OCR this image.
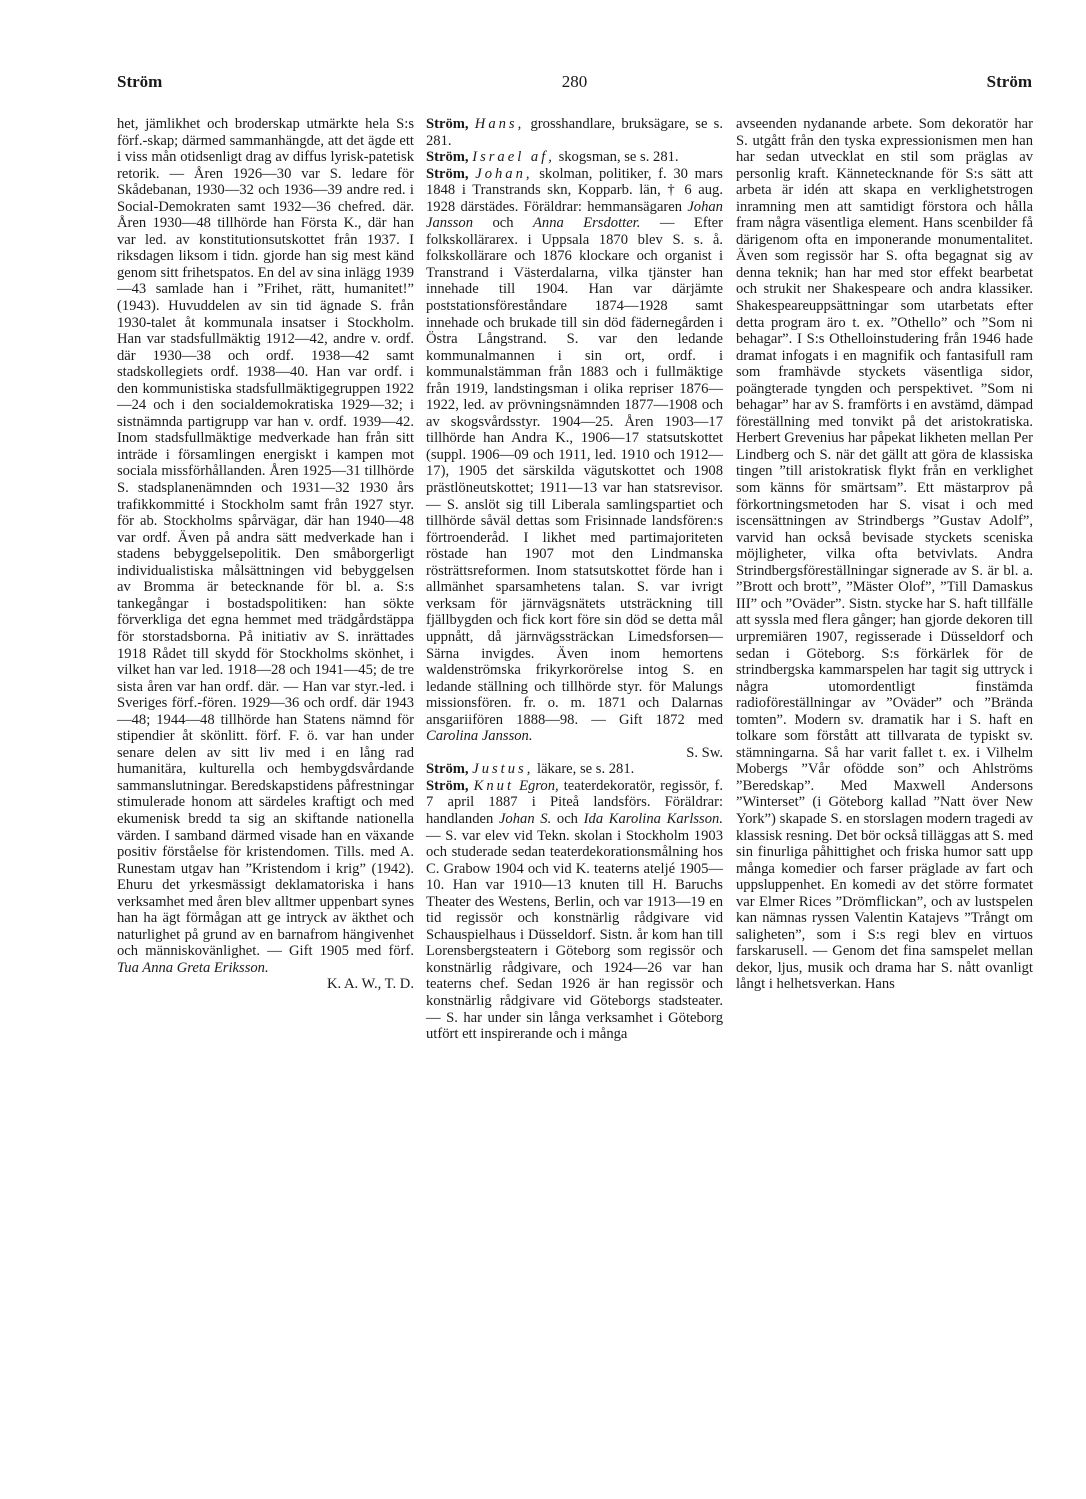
Ström	280	Ström

het, jämlikhet och broderskap utmärkte hela S:s förf.-skap; därmed sammanhängde, att det ägde ett i viss mån otidsenligt drag av diffus lyrisk-patetisk retorik. — Åren 1926—30 var S. ledare för Skådebanan, 1930—32 och 1936—39 andre red. i Social-Demokraten samt 1932—36 chefred. där. Åren 1930—48 tillhörde han Första K., där han var led. av konstitutionsutskottet från 1937. I riksdagen liksom i tidn. gjorde han sig mest känd genom sitt frihetspatos. En del av sina inlägg 1939—43 samlade han i ”Frihet, rätt, humanitet!” (1943). Huvuddelen av sin tid ägnade S. från 1930-talet åt kommunala insatser i Stockholm. Han var stadsfullmäktig 1912—42, andre v. ordf. där 1930—38 och ordf. 1938—42 samt stadskollegiets ordf. 1938—40. Han var ordf. i den kommunistiska stadsfullmäktigegruppen 1922—24 och i den socialdemokratiska 1929—32; i sistnämnda partigrupp var han v. ordf. 1939—42. Inom stadsfullmäktige medverkade han från sitt inträde i församlingen energiskt i kampen mot sociala missförhållanden. Åren 1925—31 tillhörde S. stadsplanenämnden och 1931—32 1930 års trafikkommitté i Stockholm samt från 1927 styr. för ab. Stockholms spårvägar, där han 1940—48 var ordf. Även på andra sätt medverkade han i stadens bebyggelsepolitik. Den småborgerligt individualistiska målsättningen vid bebyggelsen av Bromma är betecknande för bl. a. S:s tankegångar i bostadspolitiken: han sökte förverkliga det egna hemmet med trädgårdstäppa för storstadsborna. På initiativ av S. inrättades 1918 Rådet till skydd för Stockholms skönhet, i vilket han var led. 1918—28 och 1941—45; de tre sista åren var han ordf. där. — Han var styr.-led. i Sveriges förf.-fören. 1929—36 och ordf. där 1943—48; 1944—48 tillhörde han Statens nämnd för stipendier åt skönlitt. förf. F. ö. var han under senare delen av sitt liv med i en lång rad humanitära, kulturella och hembygdsvårdande sammanslutningar. Beredskapstidens påfrestningar stimulerade honom att särdeles kraftigt och med ekumenisk bredd ta sig an skiftande nationella värden. I samband därmed visade han en växande positiv förståelse för kristendomen. Tills. med A. Runestam utgav han ”Kristendom i krig” (1942). Ehuru det yrkesmässigt deklamatoriska i hans verksamhet med åren blev alltmer uppenbart synes han ha ägt förmågan att ge intryck av äkthet och naturlighet på grund av en barnafrom hängivenhet och människovänlighet. — Gift 1905 med förf. Tua Anna Greta Eriksson.

K. A. W., T. D.

Ström, Hans, grosshandlare, bruksägare, se s. 281.

Ström, Israel af, skogsman, se s. 281.

Ström, Johan, skolman, politiker, f. 30 mars 1848 i Transtrands skn, Kopparb. län, † 6 aug. 1928 därstädes. Föräldrar: hemmansägaren Johan Jansson och Anna Ersdotter. — Efter folkskollärarex. i Uppsala 1870 blev S. s. å. folkskollärare och 1876 klockare och organist i Transtrand i Västerdalarna, vilka tjänster han innehade till 1904. Han var därjämte poststationsföreståndare 1874—1928 samt innehade och brukade till sin död fädernegården i Östra Långstrand. S. var den ledande kommunalmannen i sin ort, ordf. i kommunalstämman från 1883 och i fullmäktige från 1919, landstingsman i olika repriser 1876—1922, led. av prövningsnämnden 1877—1908 och av skogsvårdsstyr. 1904—25. Åren 1903—17 tillhörde han Andra K., 1906—17 statsutskottet (suppl. 1906—09 och 1911, led. 1910 och 1912—17), 1905 det särskilda vägutskottet och 1908 prästlöneutskottet; 1911—13 var han statsrevisor. — S. anslöt sig till Liberala samlingspartiet och tillhörde såväl dettas som Frisinnade landsfören:s förtroenderåd. I likhet med partimajoriteten röstade han 1907 mot den Lindmanska rösträttsreformen. Inom statsutskottet förde han i allmänhet sparsamhetens talan. S. var ivrigt verksam för järnvägsnätets utsträckning till fjällbygden och fick kort före sin död se detta mål uppnått, då järnvägssträckan Limedsforsen—Särna invigdes. Även inom hemortens waldenströmska frikyrkorörelse intog S. en ledande ställning och tillhörde styr. för Malungs missionsfören. fr. o. m. 1871 och Dalarnas ansgariifören 1888—98. — Gift 1872 med Carolina Jansson.

S. Sw.

Ström, Justus, läkare, se s. 281.

Ström, Knut Egron, teaterdekoratör, regissör, f. 7 april 1887 i Piteå landsförs. Föräldrar: handlanden Johan S. och Ida Karolina Karlsson. — S. var elev vid Tekn. skolan i Stockholm 1903 och studerade sedan teaterdekorationsmålning hos C. Grabow 1904 och vid K. teaterns ateljé 1905—10. Han var 1910—13 knuten till H. Baruchs Theater des Westens, Berlin, och var 1913—19 en tid regissör och konstnärlig rådgivare vid Schauspielhaus i Düsseldorf. Sistn. år kom han till Lorensbergsteatern i Göteborg som regissör och konstnärlig rådgivare, och 1924—26 var han teaterns chef. Sedan 1926 är han regissör och konstnärlig rådgivare vid Göteborgs stadsteater. — S. har under sin långa verksamhet i Göteborg utfört ett inspirerande och i många

avseenden nydanande arbete. Som dekoratör har S. utgått från den tyska expressionismen men han har sedan utvecklat en stil som präglas av personlig kraft. Kännetecknande för S:s sätt att arbeta är idén att skapa en verklighetstrogen inramning men att samtidigt förstora och hålla fram några väsentliga element. Hans scenbilder få därigenom ofta en imponerande monumentalitet. Även som regissör har S. ofta begagnat sig av denna teknik; han har med stor effekt bearbetat och strukit ner Shakespeare och andra klassiker. Shakespeareuppsättningar som utarbetats efter detta program äro t. ex. ”Othello” och ”Som ni behagar”. I S:s Othelloinstudering från 1946 hade dramat infogats i en magnifik och fantasifull ram som framhävde styckets väsentliga sidor, poängterade tyngden och perspektivet. ”Som ni behagar” har av S. framförts i en avstämd, dämpad föreställning med tonvikt på det aristokratiska. Herbert Grevenius har påpekat likheten mellan Per Lindberg och S. när det gällt att göra de klassiska tingen ”till aristokratisk flykt från en verklighet som känns för smärtsam”. Ett mästarprov på förkortningsmetoden har S. visat i och med iscensättningen av Strindbergs ”Gustav Adolf”, varvid han också bevisade styckets sceniska möjligheter, vilka ofta betvivlats. Andra Strindbergsföreställningar signerade av S. är bl. a. ”Brott och brott”, ”Mäster Olof”, ”Till Damaskus III” och ”Oväder”. Sistn. stycke har S. haft tillfälle att syssla med flera gånger; han gjorde dekoren till urpremiären 1907, regisserade i Düsseldorf och sedan i Göteborg. S:s förkärlek för de strindbergska kammarspelen har tagit sig uttryck i några utomordentligt finstämda radioföreställningar av ”Oväder” och ”Brända tomten”. Modern sv. dramatik har i S. haft en tolkare som förstått att tillvarata de typiskt sv. stämningarna. Så har varit fallet t. ex. i Vilhelm Mobergs ”Vår ofödde son” och Ahlströms ”Beredskap”. Med Maxwell Andersons ”Winterset” (i Göteborg kallad ”Natt över New York”) skapade S. en storslagen modern tragedi av klassisk resning. Det bör också tilläggas att S. med sin finurliga påhittighet och friska humor satt upp många komedier och farser präglade av fart och uppsluppenhet. En komedi av det större formatet var Elmer Rices ”Drömflickan”, och av lustspelen kan nämnas ryssen Valentin Katajevs ”Trångt om saligheten”, som i S:s regi blev en virtuos farskarusell. — Genom det fina samspelet mellan dekor, ljus, musik och drama har S. nått ovanligt långt i helhetsverkan. Hans
